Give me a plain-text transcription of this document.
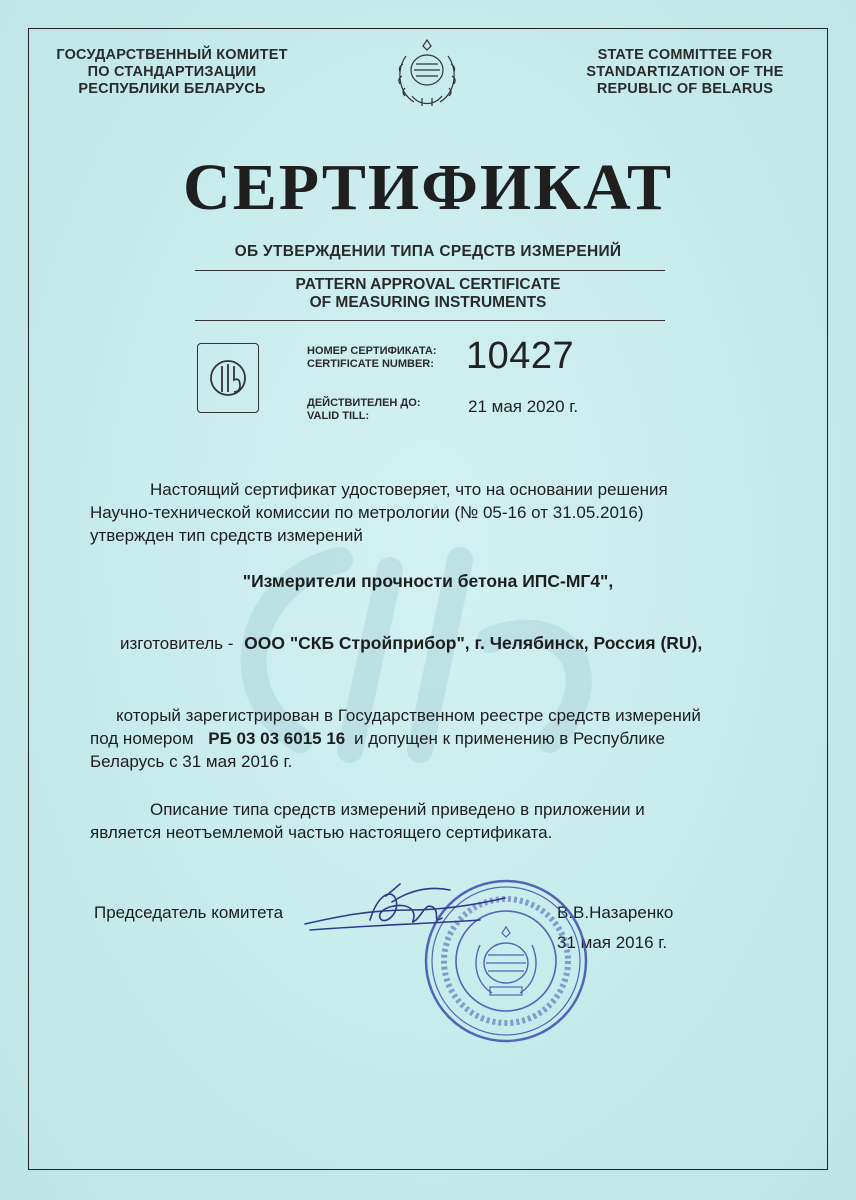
ГОСУДАРСТВЕННЫЙ КОМИТЕТ
ПО СТАНДАРТИЗАЦИИ
РЕСПУБЛИКИ БЕЛАРУСЬ
STATE COMMITTEE FOR
STANDARTIZATION OF THE
REPUBLIC OF BELARUS
СЕРТИФИКАТ
ОБ УТВЕРЖДЕНИИ ТИПА СРЕДСТВ ИЗМЕРЕНИЙ
PATTERN APPROVAL CERTIFICATE
OF MEASURING INSTRUMENTS
НОМЕР СЕРТИФИКАТА:
CERTIFICATE NUMBER: 10427
ДЕЙСТВИТЕЛЕН ДО:
VALID TILL:	21 мая 2020 г.
Настоящий сертификат удостоверяет, что на основании решения
Научно-технической комиссии по метрологии (№ 05-16 от 31.05.2016)
утвержден тип средств измерений
"Измерители прочности бетона ИПС-МГ4",
изготовитель - ООО "СКБ Стройприбор", г. Челябинск, Россия (RU),
который зарегистрирован в Государственном реестре средств измерений
под номером РБ 03 03 6015 16 и допущен к применению в Республике
Беларусь с 31 мая 2016 г.
Описание типа средств измерений приведено в приложении и
является неотъемлемой частью настоящего сертификата.
Председатель комитета	В.В.Назаренко
31 мая 2016 г.
